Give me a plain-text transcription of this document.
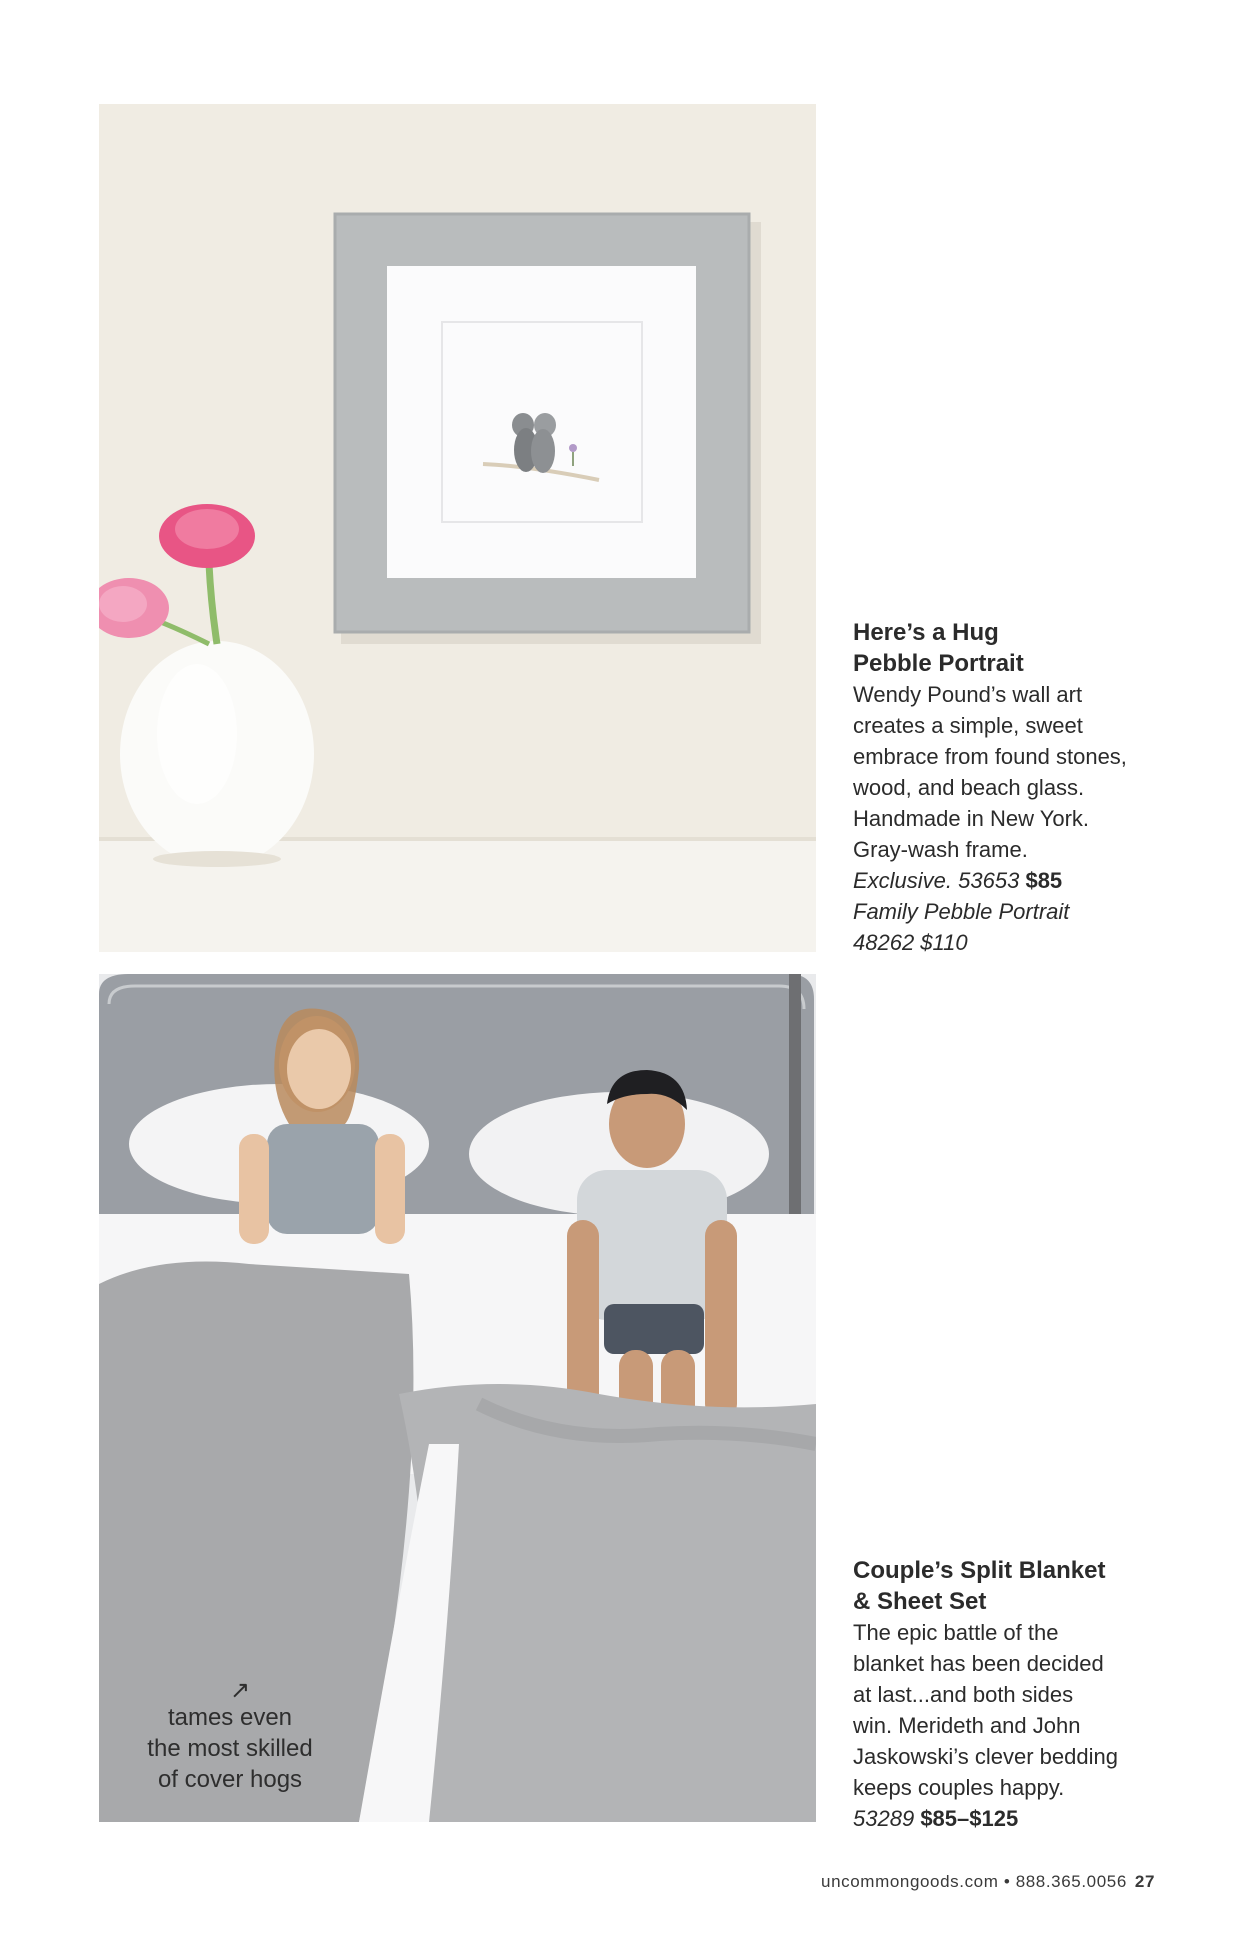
Here’s a Hug
Pebble Portrait
Wendy Pound’s wall art
creates a simple, sweet
embrace from found stones,
wood, and beach glass.
Handmade in New York.
Gray-wash frame.
Exclusive. 53653 $85
Family Pebble Portrait
48262 $110
↗
tames even
the most skilled
of cover hogs
Couple’s Split Blanket
& Sheet Set
The epic battle of the
blanket has been decided
at last...and both sides
win. Merideth and John
Jaskowski’s clever bedding
keeps couples happy.
53289 $85–$125
uncommongoods.com • 888.365.0056 27
